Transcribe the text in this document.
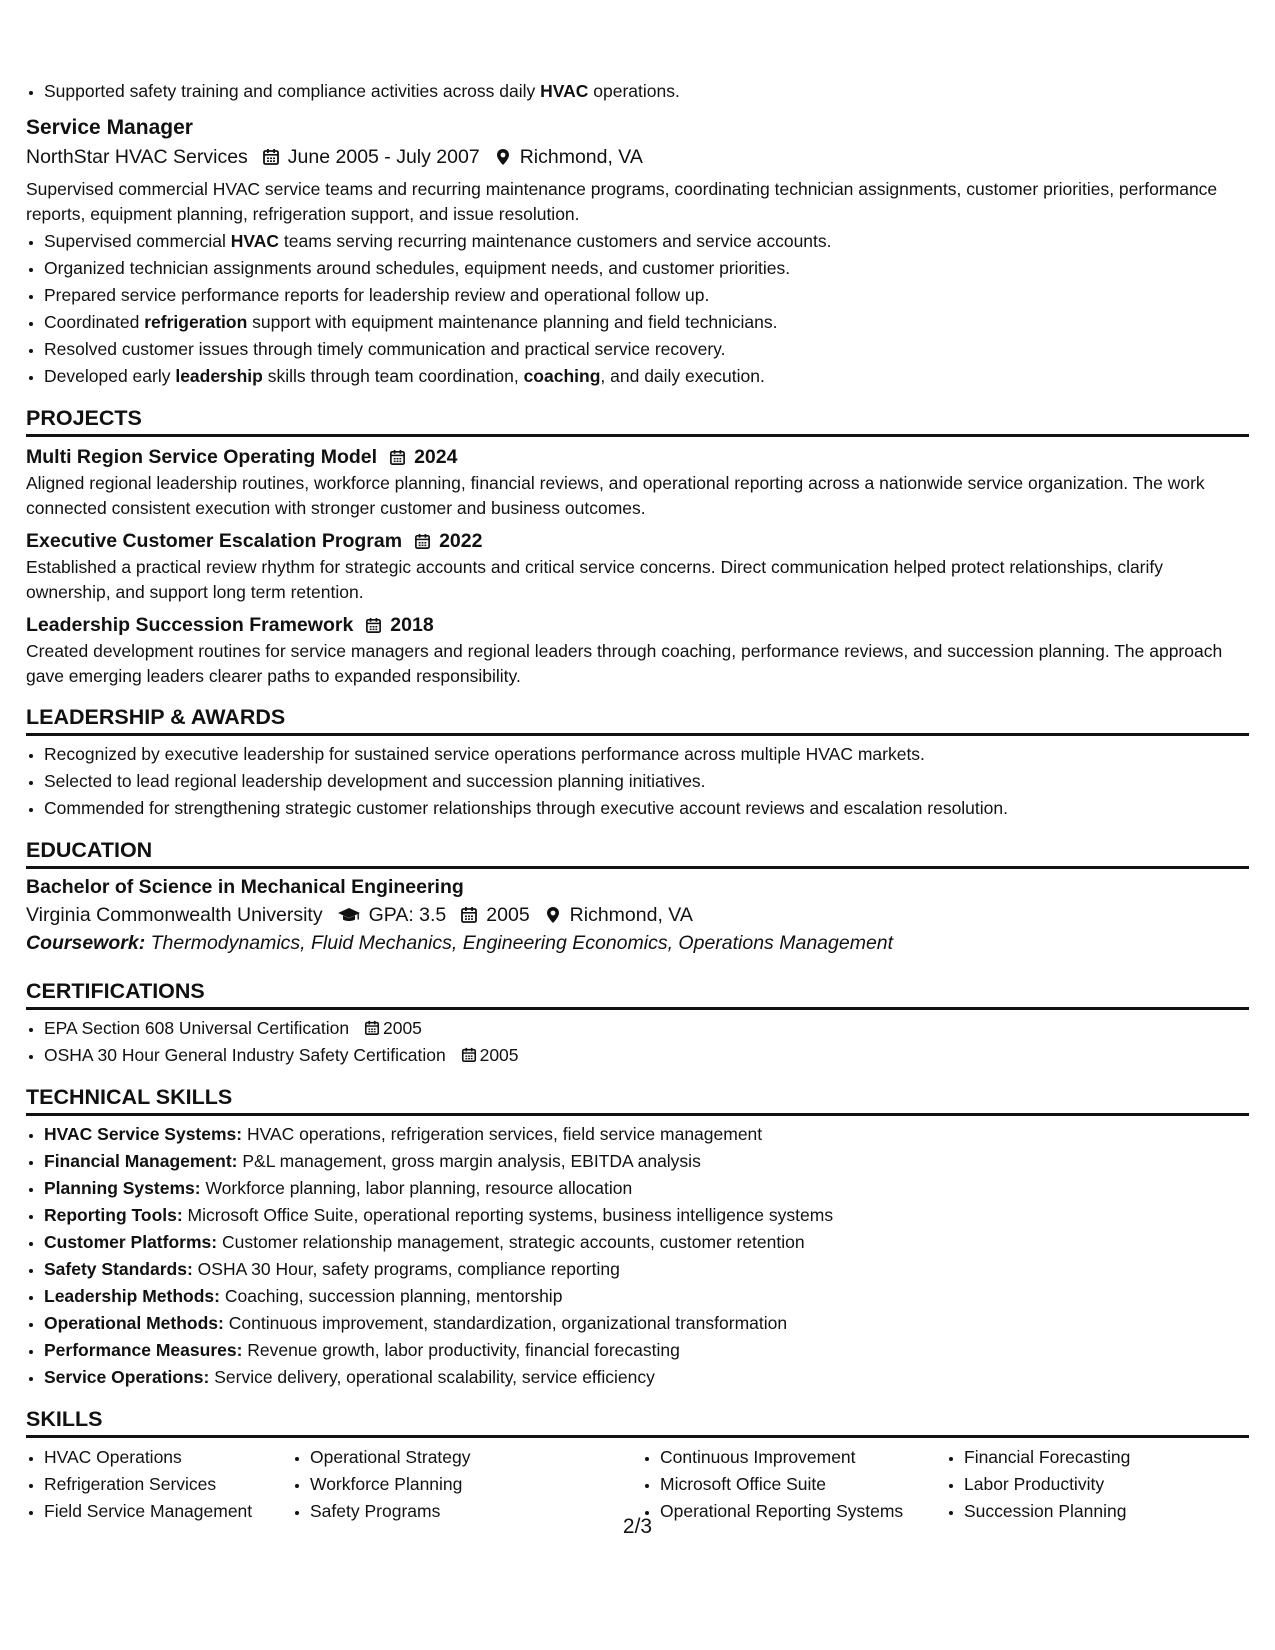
• Supported safety training and compliance activities across daily HVAC operations.
Service Manager
NorthStar HVAC Services June 2005 - July 2007 Richmond, VA
Supervised commercial HVAC service teams and recurring maintenance programs, coordinating technician assignments, customer priorities, performance reports, equipment planning, refrigeration support, and issue resolution.
• Supervised commercial HVAC teams serving recurring maintenance customers and service accounts.
• Organized technician assignments around schedules, equipment needs, and customer priorities.
• Prepared service performance reports for leadership review and operational follow up.
• Coordinated refrigeration support with equipment maintenance planning and field technicians.
• Resolved customer issues through timely communication and practical service recovery.
• Developed early leadership skills through team coordination, coaching, and daily execution.
PROJECTS
Multi Region Service Operating Model 2024
Aligned regional leadership routines, workforce planning, financial reviews, and operational reporting across a nationwide service organization. The work connected consistent execution with stronger customer and business outcomes.
Executive Customer Escalation Program 2022
Established a practical review rhythm for strategic accounts and critical service concerns. Direct communication helped protect relationships, clarify ownership, and support long term retention.
Leadership Succession Framework 2018
Created development routines for service managers and regional leaders through coaching, performance reviews, and succession planning. The approach gave emerging leaders clearer paths to expanded responsibility.
LEADERSHIP & AWARDS
• Recognized by executive leadership for sustained service operations performance across multiple HVAC markets.
• Selected to lead regional leadership development and succession planning initiatives.
• Commended for strengthening strategic customer relationships through executive account reviews and escalation resolution.
EDUCATION
Bachelor of Science in Mechanical Engineering
Virginia Commonwealth University GPA: 3.5 2005 Richmond, VA
Coursework: Thermodynamics, Fluid Mechanics, Engineering Economics, Operations Management
CERTIFICATIONS
• EPA Section 608 Universal Certification 2005
• OSHA 30 Hour General Industry Safety Certification 2005
TECHNICAL SKILLS
• HVAC Service Systems: HVAC operations, refrigeration services, field service management
• Financial Management: P&L management, gross margin analysis, EBITDA analysis
• Planning Systems: Workforce planning, labor planning, resource allocation
• Reporting Tools: Microsoft Office Suite, operational reporting systems, business intelligence systems
• Customer Platforms: Customer relationship management, strategic accounts, customer retention
• Safety Standards: OSHA 30 Hour, safety programs, compliance reporting
• Leadership Methods: Coaching, succession planning, mentorship
• Operational Methods: Continuous improvement, standardization, organizational transformation
• Performance Measures: Revenue growth, labor productivity, financial forecasting
• Service Operations: Service delivery, operational scalability, service efficiency
SKILLS
• HVAC Operations
• Refrigeration Services
• Field Service Management
• Operational Strategy
• Workforce Planning
• Safety Programs
• Continuous Improvement
• Microsoft Office Suite
• Operational Reporting Systems
• Financial Forecasting
• Labor Productivity
• Succession Planning
2/3
